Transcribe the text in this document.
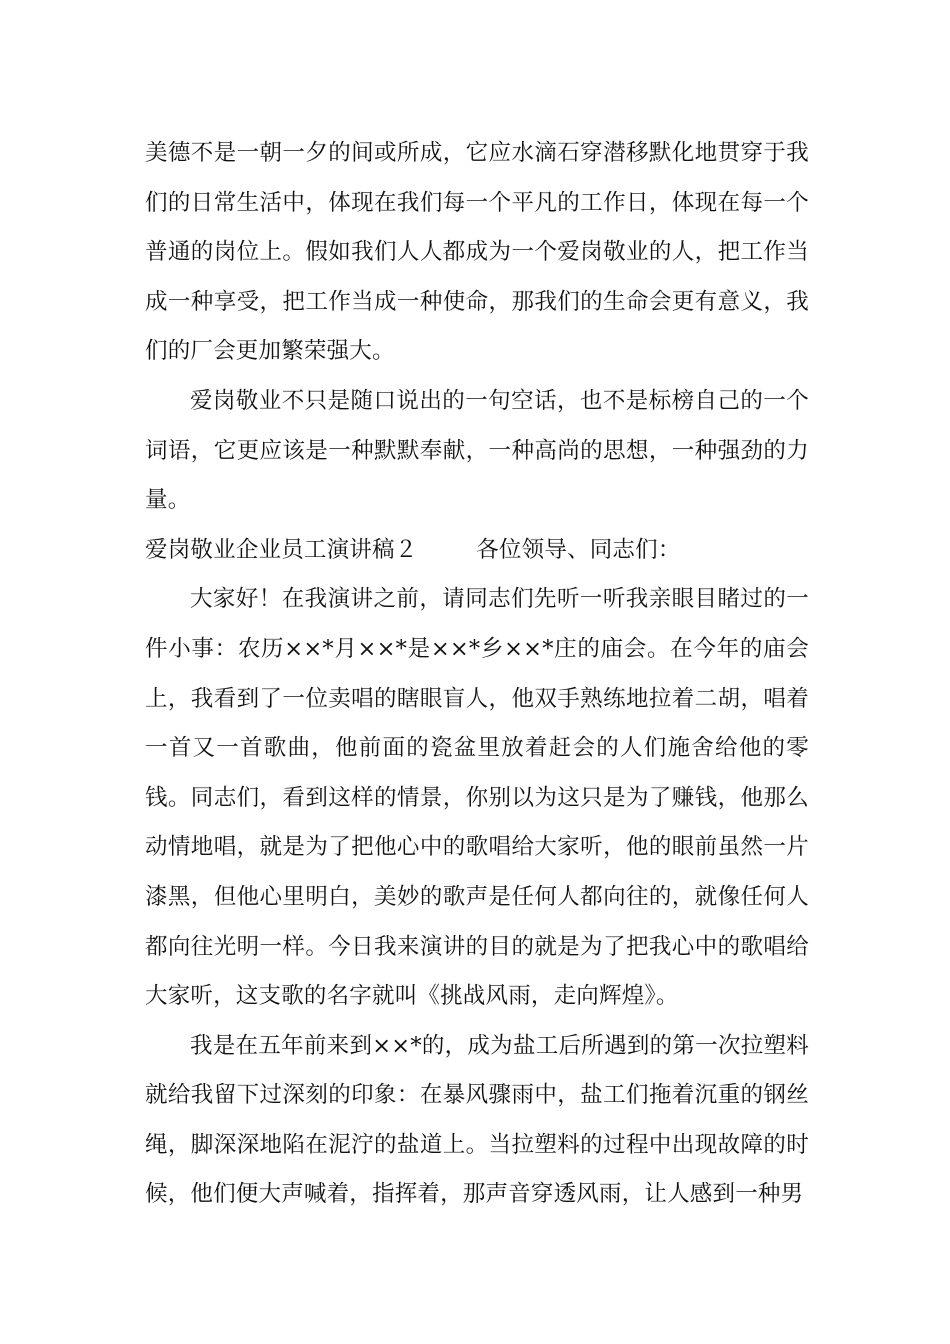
美德不是一朝一夕的间或所成，它应水滴石穿潜移默化地贯穿于我们的日常生活中，体现在我们每一个平凡的工作日，体现在每一个普通的岗位上。假如我们人人都成为一个爱岗敬业的人，把工作当成一种享受，把工作当成一种使命，那我们的生命会更有意义，我们的厂会更加繁荣强大。

爱岗敬业不只是随口说出的一句空话，也不是标榜自己的一个词语，它更应该是一种默默奉献，一种高尚的思想，一种强劲的力量。

爱岗敬业企业员工演讲稿２	各位领导、同志们：

大家好！在我演讲之前，请同志们先听一听我亲眼目睹过的一件小事：农历××*月××*是××*乡××*庄的庙会。在今年的庙会上，我看到了一位卖唱的瞎眼盲人，他双手熟练地拉着二胡，唱着一首又一首歌曲，他前面的瓷盆里放着赶会的人们施舍给他的零钱。同志们，看到这样的情景，你别以为这只是为了赚钱，他那么动情地唱，就是为了把他心中的歌唱给大家听，他的眼前虽然一片漆黑，但他心里明白，美妙的歌声是任何人都向往的，就像任何人都向往光明一样。今日我来演讲的目的就是为了把我心中的歌唱给大家听，这支歌的名字就叫《挑战风雨，走向辉煌》。

我是在五年前来到××*的，成为盐工后所遇到的第一次拉塑料就给我留下过深刻的印象：在暴风骤雨中，盐工们拖着沉重的钢丝绳，脚深深地陷在泥泞的盐道上。当拉塑料的过程中出现故障的时候，他们便大声喊着，指挥着，那声音穿透风雨，让人感到一种男
